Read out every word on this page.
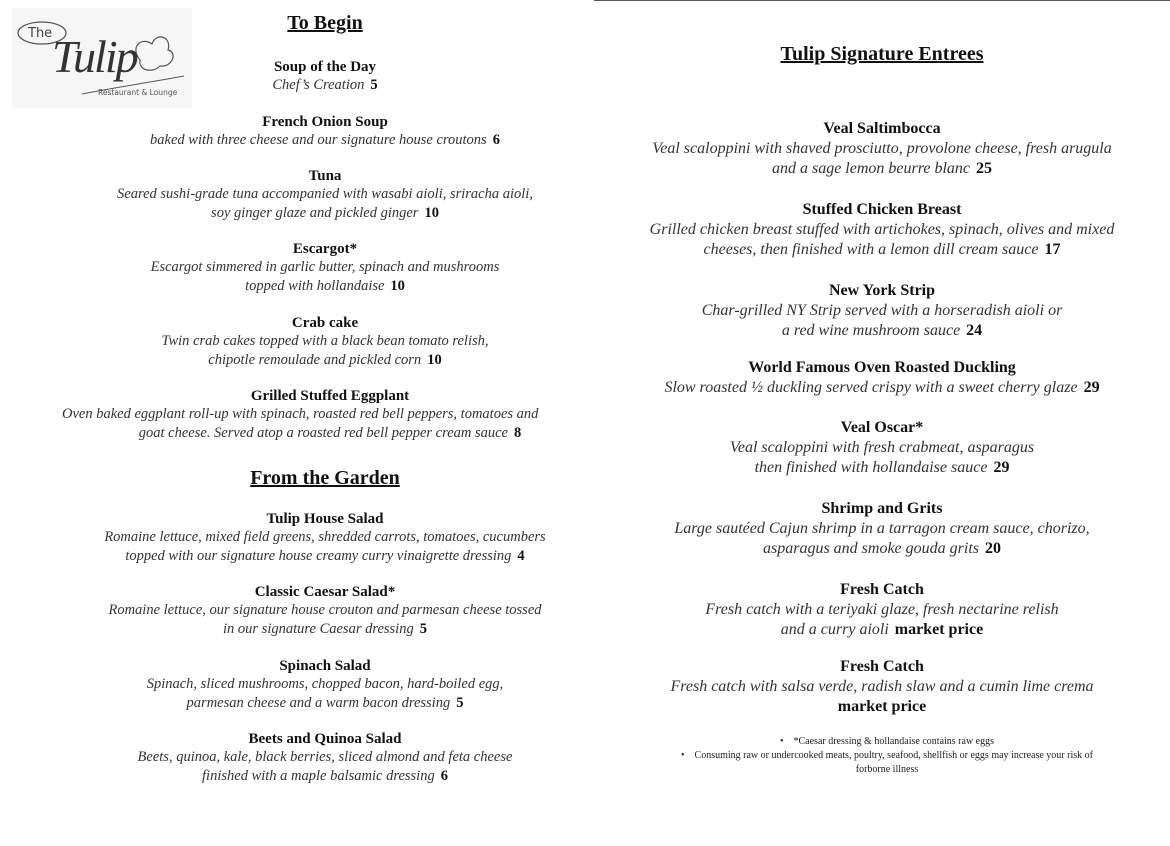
The Tulip
Restaurant & Lounge
To Begin
Soup of the Day
Chef’s Creation 5
French Onion Soup
baked with three cheese and our signature house croutons 6
Tuna
Seared sushi-grade tuna accompanied with wasabi aioli, sriracha aioli,
soy ginger glaze and pickled ginger 10
Escargot*
Escargot simmered in garlic butter, spinach and mushrooms
topped with hollandaise 10
Crab cake
Twin crab cakes topped with a black bean tomato relish,
chipotle remoulade and pickled corn 10
Grilled Stuffed Eggplant
Oven baked eggplant roll-up with spinach, roasted red bell peppers, tomatoes and
goat cheese. Served atop a roasted red bell pepper cream sauce 8
From the Garden
Tulip House Salad
Romaine lettuce, mixed field greens, shredded carrots, tomatoes, cucumbers
topped with our signature house creamy curry vinaigrette dressing 4
Classic Caesar Salad*
Romaine lettuce, our signature house crouton and parmesan cheese tossed
in our signature Caesar dressing 5
Spinach Salad
Spinach, sliced mushrooms, chopped bacon, hard-boiled egg,
parmesan cheese and a warm bacon dressing 5
Beets and Quinoa Salad
Beets, quinoa, kale, black berries, sliced almond and feta cheese
finished with a maple balsamic dressing 6
Tulip Signature Entrees
Veal Saltimbocca
Veal scaloppini with shaved prosciutto, provolone cheese, fresh arugula
and a sage lemon beurre blanc 25
Stuffed Chicken Breast
Grilled chicken breast stuffed with artichokes, spinach, olives and mixed
cheeses, then finished with a lemon dill cream sauce 17
New York Strip
Char-grilled NY Strip served with a horseradish aioli or
a red wine mushroom sauce 24
World Famous Oven Roasted Duckling
Slow roasted ½ duckling served crispy with a sweet cherry glaze 29
Veal Oscar*
Veal scaloppini with fresh crabmeat, asparagus
then finished with hollandaise sauce 29
Shrimp and Grits
Large sautéed Cajun shrimp in a tarragon cream sauce, chorizo,
asparagus and smoke gouda grits 20
Fresh Catch
Fresh catch with a teriyaki glaze, fresh nectarine relish
and a curry aioli market price
Fresh Catch
Fresh catch with salsa verde, radish slaw and a cumin lime crema
market price
• *Caesar dressing & hollandaise contains raw eggs
• Consuming raw or undercooked meats, poultry, seafood, shellfish or eggs may increase your risk of
forborne illness
